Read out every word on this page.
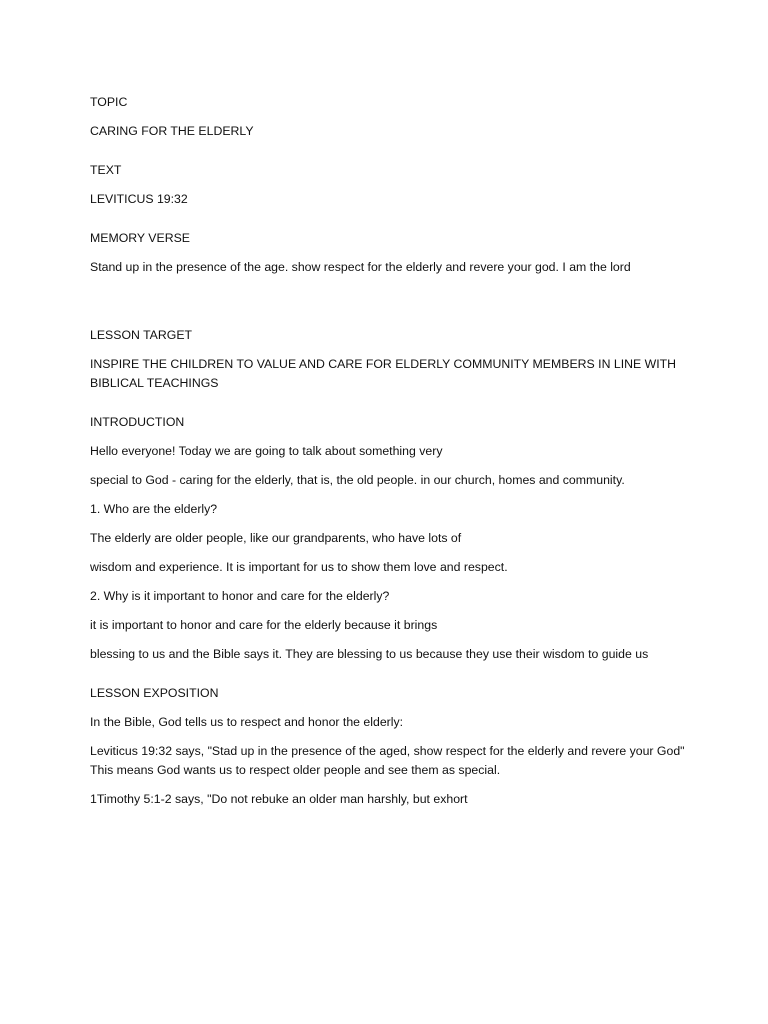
TOPIC

CARING FOR THE ELDERLY

TEXT

LEVITICUS 19:32

MEMORY VERSE

Stand up in the presence of the age. show respect for the elderly and revere your god. I am the lord

LESSON TARGET

INSPIRE THE CHILDREN TO VALUE AND CARE FOR ELDERLY COMMUNITY MEMBERS IN LINE WITH BIBLICAL TEACHINGS

INTRODUCTION

Hello everyone! Today we are going to talk about something very

special to God - caring for the elderly, that is, the old people. in our church, homes and community.

1. Who are the elderly?

The elderly are older people, like our grandparents, who have lots of

wisdom and experience. It is important for us to show them love and respect.

2. Why is it important to honor and care for the elderly?

it is important to honor and care for the elderly because it brings

blessing to us and the Bible says it. They are blessing to us because they use their wisdom to guide us

LESSON EXPOSITION

In the Bible, God tells us to respect and honor the elderly:

Leviticus 19:32 says, "Stad up in the presence of the aged, show respect for the elderly and revere your God" This means God wants us to respect older people and see them as special.

1Timothy 5:1-2 says, "Do not rebuke an older man harshly, but exhort
